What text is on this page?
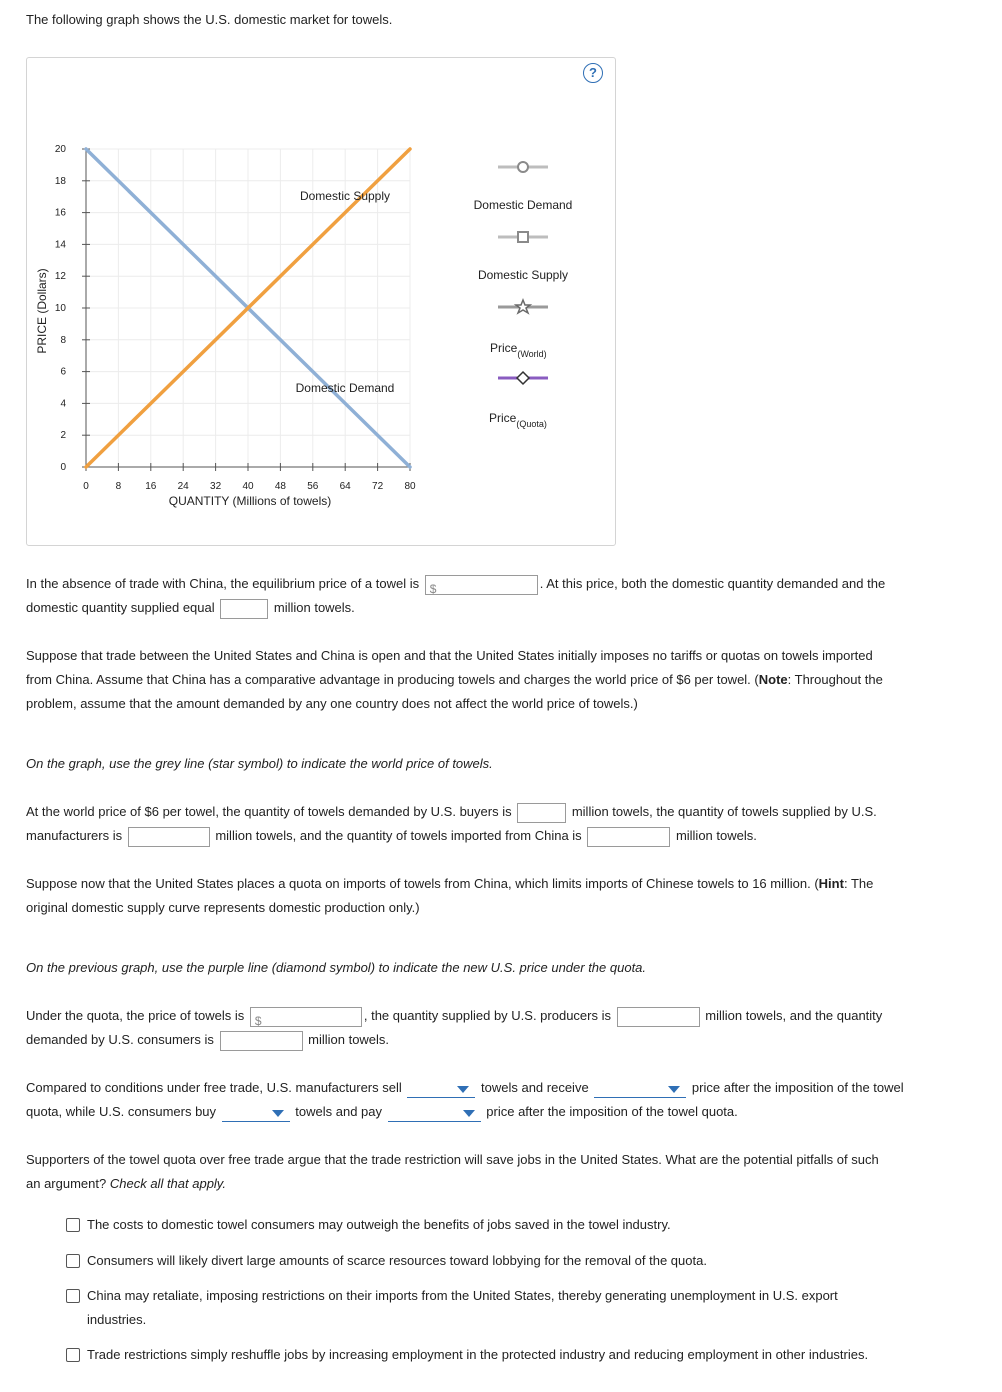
The following graph shows the U.S. domestic market for towels.
?
0	8 16 24 32 40 48 56 64 72 80
0
2
4
6
8
10
12
14
16
18
20
QUANTITY (Millions of towels)
PRICE (Dollars)
Domestic Supply
Domestic Demand
Domestic Demand
Domestic Supply
Price$_{(World)}$
Price$_{(Quota)}$
In the absence of trade with China, the equilibrium price of a towel is $	. At this price, both the domestic quantity demanded and the
domestic quantity supplied equal	million towels.
Suppose that trade between the United States and China is open and that the United States initially imposes no tariffs or quotas on towels imported
from China. Assume that China has a comparative advantage in producing towels and charges the world price of $6 per towel. (Note: Throughout the
problem, assume that the amount demanded by any one country does not affect the world price of towels.)
On the graph, use the grey line (star symbol) to indicate the world price of towels.
At the world price of $6 per towel, the quantity of towels demanded by U.S. buyers is	million towels, the quantity of towels supplied by U.S.
manufacturers is	million towels, and the quantity of towels imported from China is	million towels.
Suppose now that the United States places a quota on imports of towels from China, which limits imports of Chinese towels to 16 million. (Hint: The
original domestic supply curve represents domestic production only.)
On the previous graph, use the purple line (diamond symbol) to indicate the new U.S. price under the quota.
Under the quota, the price of towels is $	, the quantity supplied by U.S. producers is	million towels, and the quantity
demanded by U.S. consumers is	million towels.
Compared to conditions under free trade, U.S. manufacturers sell	towels and receive	price after the imposition of the towel
quota, while U.S. consumers buy	towels and pay	price after the imposition of the towel quota.
Supporters of the towel quota over free trade argue that the trade restriction will save jobs in the United States. What are the potential pitfalls of such
an argument? Check all that apply.
The costs to domestic towel consumers may outweigh the benefits of jobs saved in the towel industry.
Consumers will likely divert large amounts of scarce resources toward lobbying for the removal of the quota.
China may retaliate, imposing restrictions on their imports from the United States, thereby generating unemployment in U.S. export
industries.
Trade restrictions simply reshuffle jobs by increasing employment in the protected industry and reducing employment in other industries.
